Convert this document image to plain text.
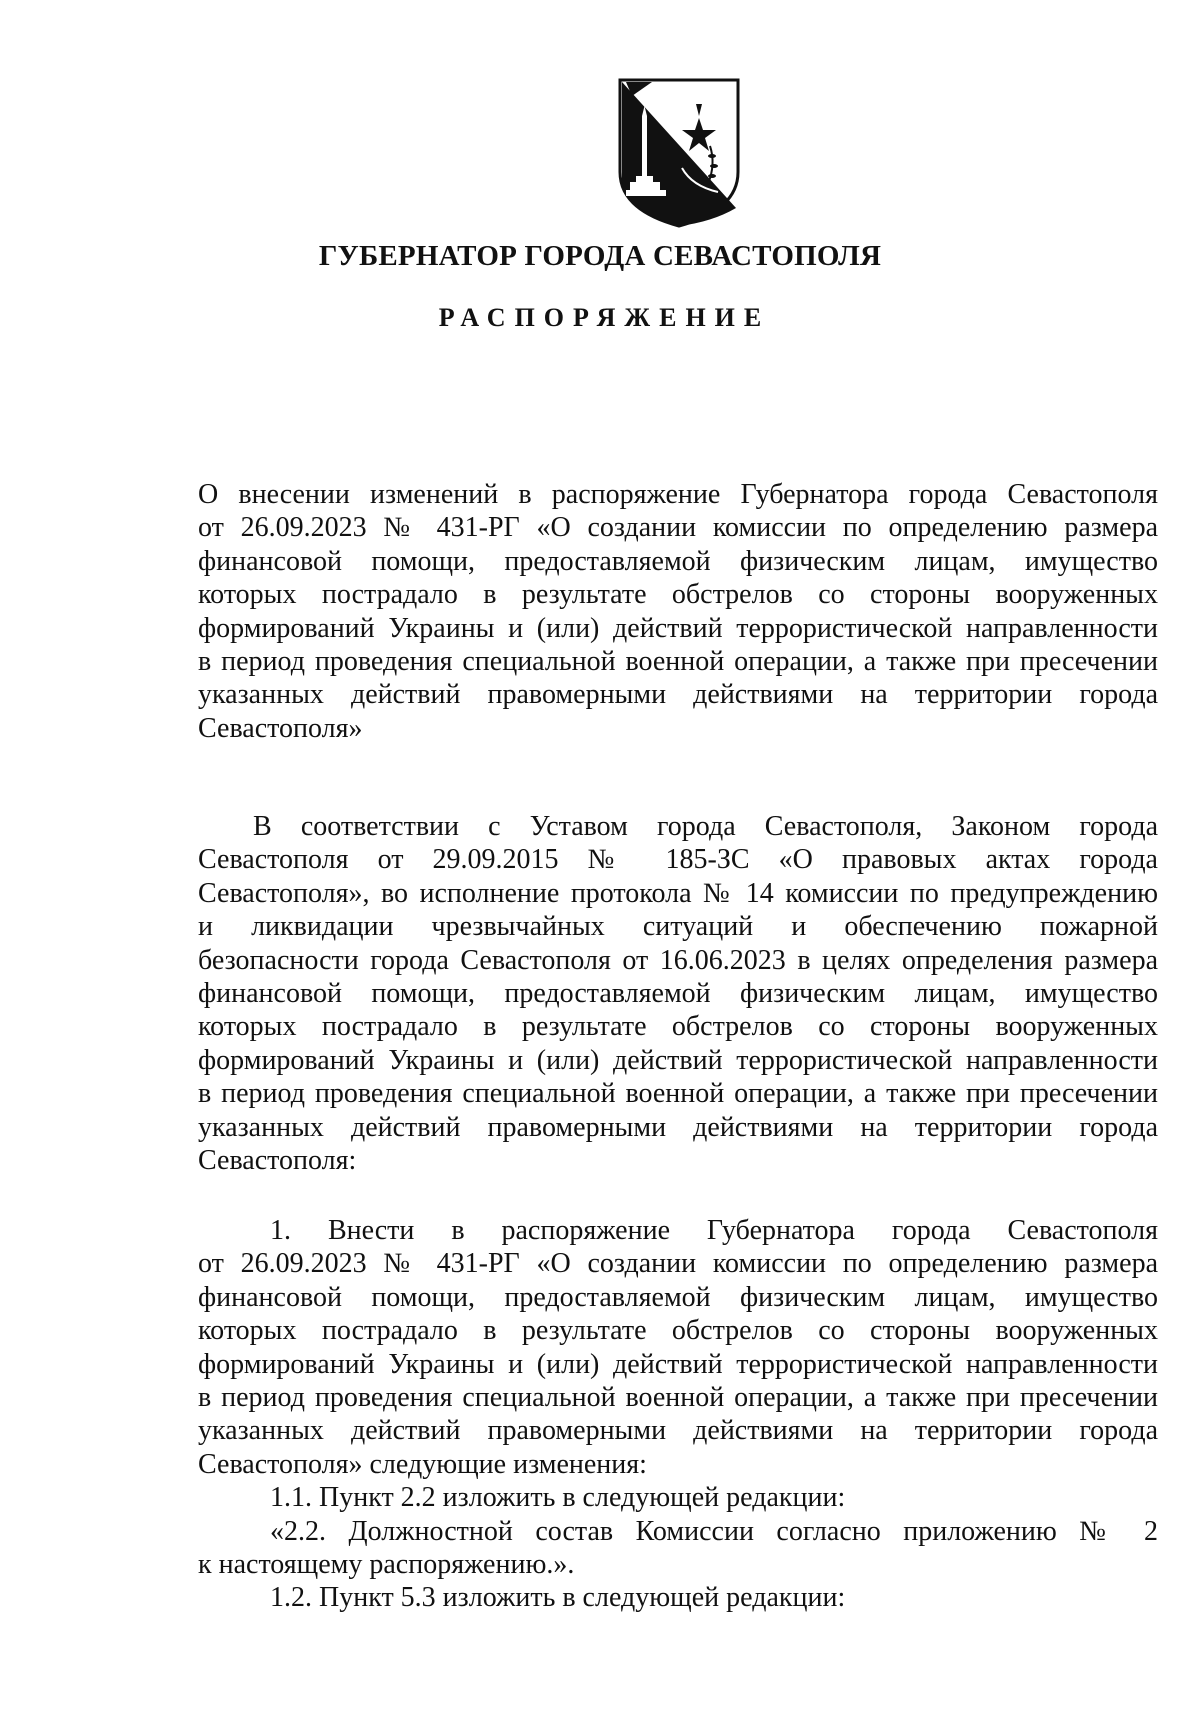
ГУБЕРНАТОР ГОРОДА СЕВАСТОПОЛЯ
РАСПОРЯЖЕНИЕ
О внесении изменений в распоряжение Губернатора города Севастополя
от 26.09.2023 № 431-РГ «О создании комиссии по определению размера
финансовой помощи, предоставляемой физическим лицам, имущество
которых пострадало в результате обстрелов со стороны вооруженных
формирований Украины и (или) действий террористической направленности
в период проведения специальной военной операции, а также при пресечении
указанных действий правомерными действиями на территории города
Севастополя»
В соответствии с Уставом города Севастополя, Законом города
Севастополя от 29.09.2015 № 185-ЗС «О правовых актах города
Севастополя», во исполнение протокола № 14 комиссии по предупреждению
и ликвидации чрезвычайных ситуаций и обеспечению пожарной
безопасности города Севастополя от 16.06.2023 в целях определения размера
финансовой помощи, предоставляемой физическим лицам, имущество
которых пострадало в результате обстрелов со стороны вооруженных
формирований Украины и (или) действий террористической направленности
в период проведения специальной военной операции, а также при пресечении
указанных действий правомерными действиями на территории города
Севастополя:
1. Внести в распоряжение Губернатора города Севастополя
от 26.09.2023 № 431-РГ «О создании комиссии по определению размера
финансовой помощи, предоставляемой физическим лицам, имущество
которых пострадало в результате обстрелов со стороны вооруженных
формирований Украины и (или) действий террористической направленности
в период проведения специальной военной операции, а также при пресечении
указанных действий правомерными действиями на территории города
Севастополя» следующие изменения:
1.1. Пункт 2.2 изложить в следующей редакции:
«2.2. Должностной состав Комиссии согласно приложению № 2
к настоящему распоряжению.».
1.2. Пункт 5.3 изложить в следующей редакции:
